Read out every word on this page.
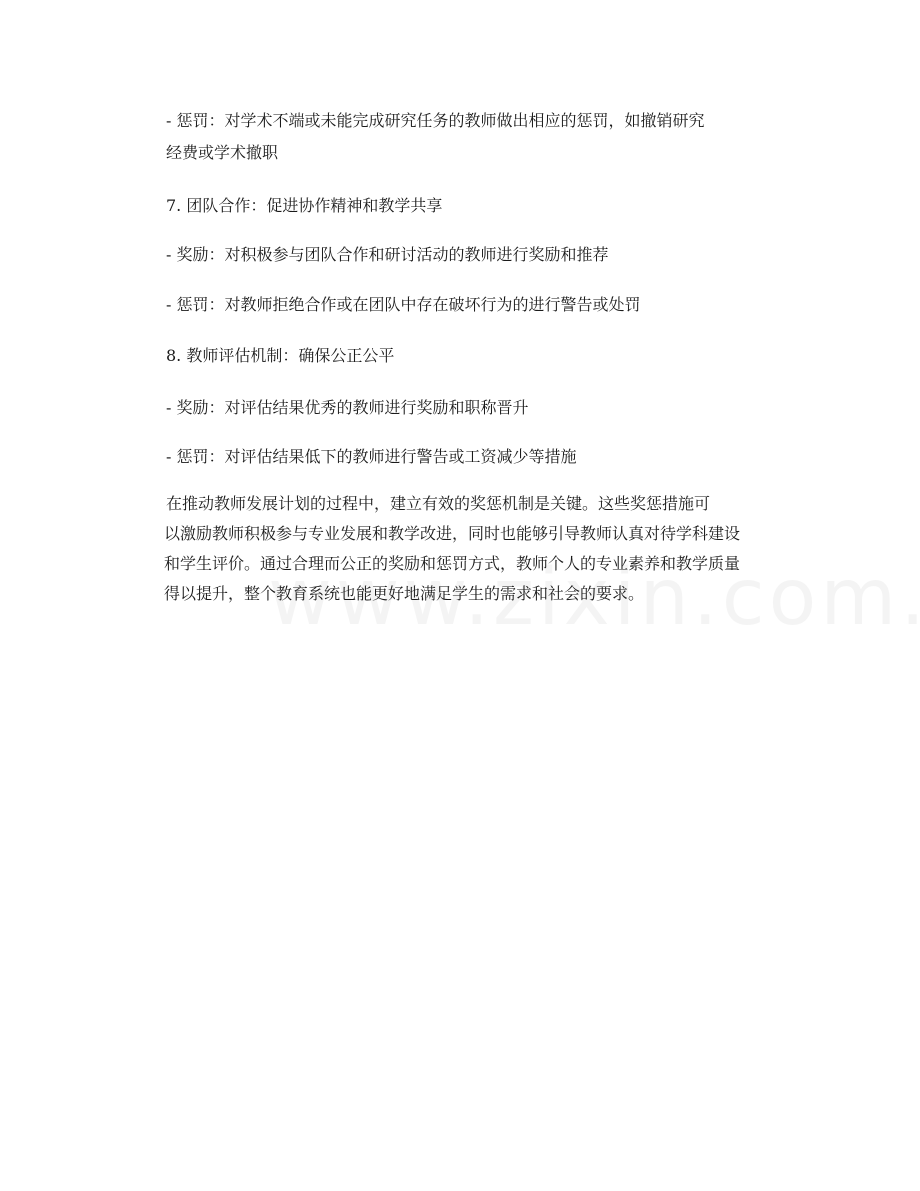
- 惩罚：对学术不端或未能完成研究任务的教师做出相应的惩罚，如撤销研究
经费或学术撤职
7. 团队合作：促进协作精神和教学共享
- 奖励：对积极参与团队合作和研讨活动的教师进行奖励和推荐
- 惩罚：对教师拒绝合作或在团队中存在破坏行为的进行警告或处罚
8. 教师评估机制：确保公正公平
- 奖励：对评估结果优秀的教师进行奖励和职称晋升
- 惩罚：对评估结果低下的教师进行警告或工资减少等措施
在推动教师发展计划的过程中，建立有效的奖惩机制是关键。这些奖惩措施可
以激励教师积极参与专业发展和教学改进，同时也能够引导教师认真对待学科建设
和学生评价。通过合理而公正的奖励和惩罚方式，教师个人的专业素养和教学质量
得以提升，整个教育系统也能更好地满足学生的需求和社会的要求。
